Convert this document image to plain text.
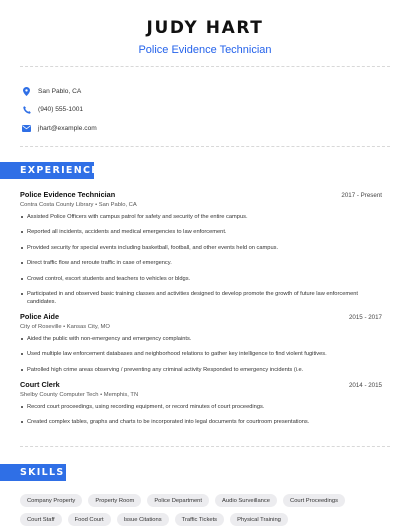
JUDY HART
Police Evidence Technician
San Pablo, CA
(940) 555-1001
jhart@example.com
EXPERIENCE
Police Evidence Technician	2017 - Present
Contra Costa County Library • San Pablo, CA
Assisted Police Officers with campus patrol for safety and security of the entire campus.
Reported all incidents, accidents and medical emergencies to law enforcement.
Provided security for special events including basketball, football, and other events held on campus.
Direct traffic flow and reroute traffic in case of emergency.
Crowd control, escort students and teachers to vehicles or bldgs.
Participated in and observed basic training classes and activities designed to develop promote the growth of future law enforcement candidates.
Police Aide	2015 - 2017
City of Roseville • Kansas City, MO
Aided the public with non-emergency and emergency complaints.
Used multiple law enforcement databases and neighborhood relations to gather key intelligence to find violent fugitives.
Patrolled high crime areas observing / preventing any criminal activity Responded to emergency incidents (i.e.
Court Clerk	2014 - 2015
Shelby County Computer Tech • Memphis, TN
Record court proceedings, using recording equipment, or record minutes of court proceedings.
Created complex tables, graphs and charts to be incorporated into legal documents for courtroom presentations.
SKILLS
Company Property	Property Room	Police Department	Audio Surveillance	Court Proceedings
Court Staff	Food Court	Issue Citations	Traffic Tickets	Physical Training
